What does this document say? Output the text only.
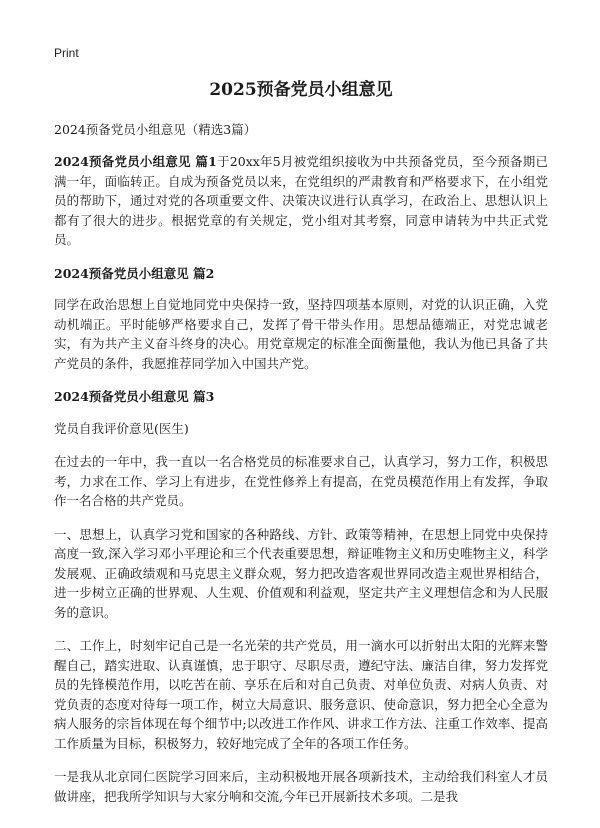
Print
2025预备党员小组意见
2024预备党员小组意见（精选3篇）

2024预备党员小组意见 篇1于20xx年5月被党组织接收为中共预备党员，至今预备期已满一年，面临转正。自成为预备党员以来，在党组织的严肃教育和严格要求下，在小组党员的帮助下，通过对党的各项重要文件、决策决议进行认真学习，在政治上、思想认识上都有了很大的进步。根据党章的有关规定，党小组对其考察，同意申请转为中共正式党员。

2024预备党员小组意见 篇2

同学在政治思想上自觉地同党中央保持一致，坚持四项基本原则，对党的认识正确，入党动机端正。平时能够严格要求自己，发挥了骨干带头作用。思想品德端正，对党忠诚老实，有为共产主义奋斗终身的决心。用党章规定的标准全面衡量他，我认为他已具备了共产党员的条件，我愿推荐同学加入中国共产党。

2024预备党员小组意见 篇3

党员自我评价意见(医生)

在过去的一年中，我一直以一名合格党员的标准要求自己，认真学习，努力工作，积极思考，力求在工作、学习上有进步，在党性修养上有提高，在党员模范作用上有发挥，争取作一名合格的共产党员。

一、思想上，认真学习党和国家的各种路线、方针、政策等精神，在思想上同党中央保持高度一致,深入学习邓小平理论和三个代表重要思想，辩证唯物主义和历史唯物主义，科学发展观、正确政绩观和马克思主义群众观，努力把改造客观世界同改造主观世界相结合，进一步树立正确的世界观、人生观、价值观和利益观，坚定共产主义理想信念和为人民服务的意识。

二、工作上，时刻牢记自己是一名光荣的共产党员，用一滴水可以折射出太阳的光辉来警醒自己，踏实进取、认真谨慎，忠于职守、尽职尽责，遵纪守法、廉洁自律，努力发挥党员的先锋模范作用，以吃苦在前、享乐在后和对自己负责、对单位负责、对病人负责、对党负责的态度对待每一项工作，树立大局意识、服务意识、使命意识，努力把全心全意为病人服务的宗旨体现在每个细节中;以改进工作作风、讲求工作方法、注重工作效率、提高工作质量为目标，积极努力，较好地完成了全年的各项工作任务。

一是我从北京同仁医院学习回来后，主动积极地开展各项新技术，主动给我们科室人才员做讲座，把我所学知识与大家分响和交流,今年已开展新技术多项。二是我
